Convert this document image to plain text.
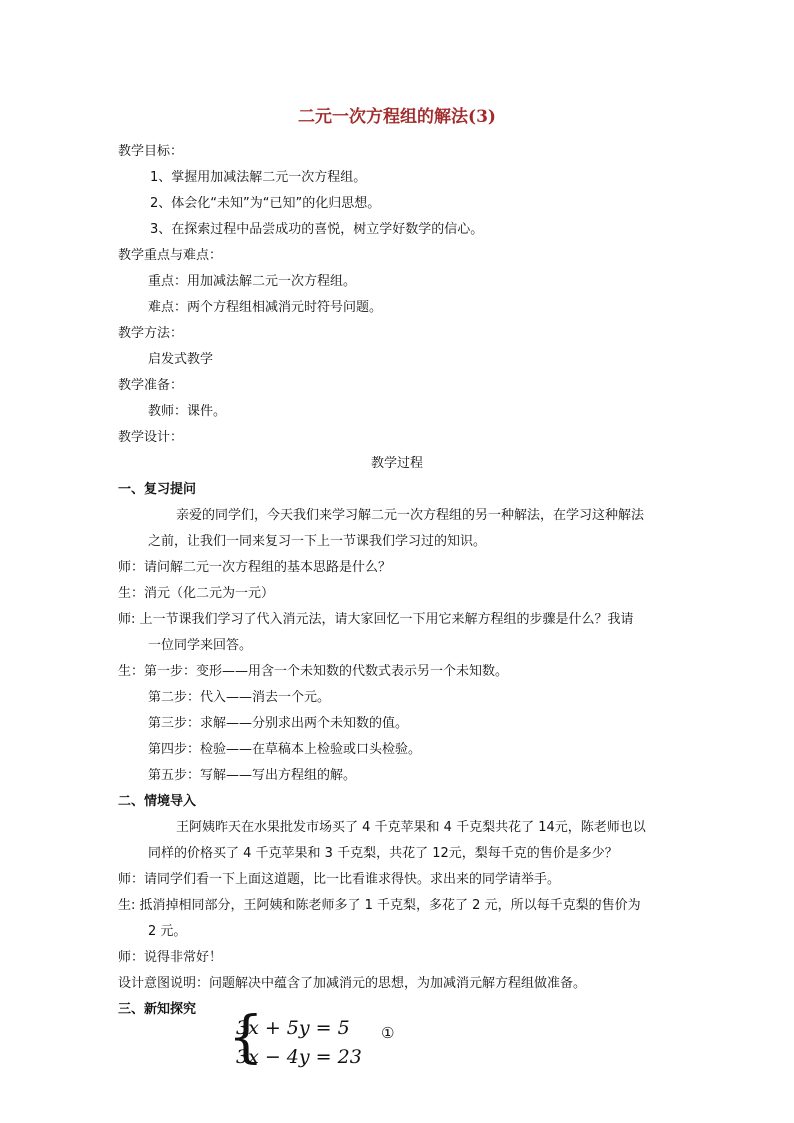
二元一次方程组的解法(3)
教学目标：
1、掌握用加减法解二元一次方程组。
2、体会化“未知”为“已知”的化归思想。
3、在探索过程中品尝成功的喜悦，树立学好数学的信心。
教学重点与难点：
重点：用加减法解二元一次方程组。
难点：两个方程组相减消元时符号问题。
教学方法：
启发式教学
教学准备：
教师：课件。
教学设计：
教学过程
一、复习提问
亲爱的同学们，今天我们来学习解二元一次方程组的另一种解法，在学习这种解法
之前，让我们一同来复习一下上一节课我们学习过的知识。
师：请问解二元一次方程组的基本思路是什么？
生：消元（化二元为一元）
师: 上一节课我们学习了代入消元法，请大家回忆一下用它来解方程组的步骤是什么？我请
一位同学来回答。
生：第一步：变形——用含一个未知数的代数式表示另一个未知数。
第二步：代入——消去一个元。
第三步：求解——分别求出两个未知数的值。
第四步：检验——在草稿本上检验或口头检验。
第五步：写解——写出方程组的解。
二、情境导入
王阿姨昨天在水果批发市场买了 4 千克苹果和 4 千克梨共花了 14元，陈老师也以
同样的价格买了 4 千克苹果和 3 千克梨，共花了 12元，梨每千克的售价是多少？
师：请同学们看一下上面这道题，比一比看谁求得快。求出来的同学请举手。
生: 抵消掉相同部分，王阿姨和陈老师多了 1 千克梨，多花了 2 元，所以每千克梨的售价为
2 元。
师：说得非常好！
设计意图说明：问题解决中蕴含了加减消元的思想，为加减消元解方程组做准备。
三、新知探究 {
3x + 5y = 5
3x − 4y = 23
①
